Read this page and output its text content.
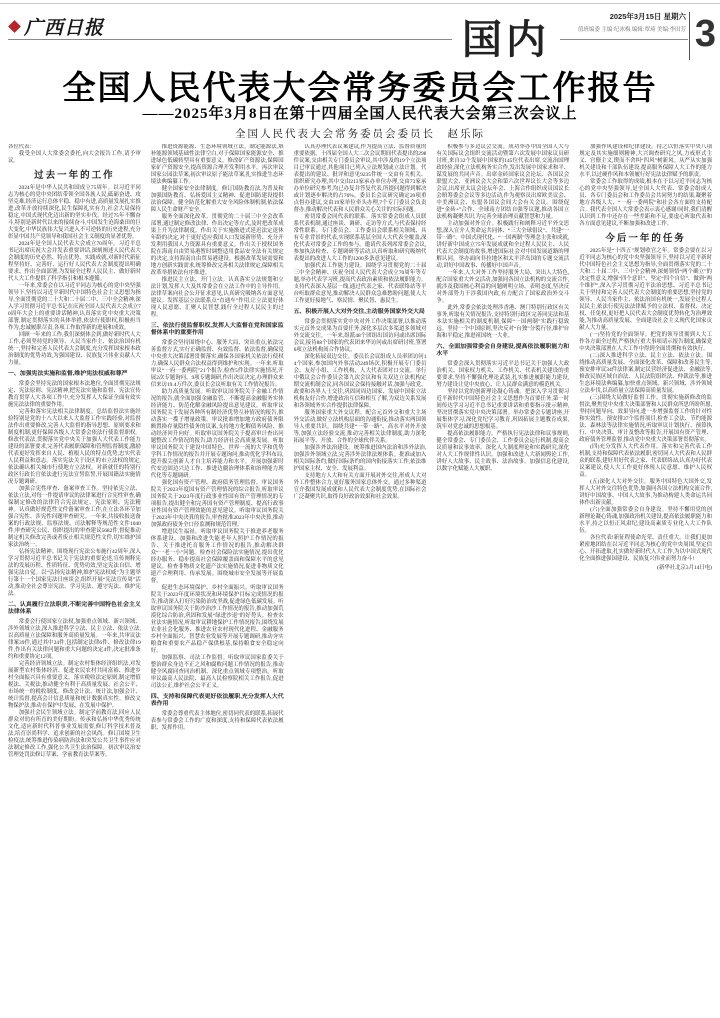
广西日报	国内
2025年3月15日 星期六
值班编委 主编:纪冰梅 编辑:覃琦 美编:李田芳 3
全国人民代表大会常务委员会工作报告
——2025年3月8日在第十四届全国人民代表大会第三次会议上
全国人民代表大会常务委员会委员长　赵乐际
各位代表:
我受全国人大常委会委托,向大会报告工作,请予审议。
过去一年的工作
2024年是中华人民共和国成立75周年。以习近平同志为核心的党中央团结带领全国各族人民,砥砺奋进、攻坚克难,经济运行总体平稳、稳中有进,高质量发展扎实推进,改革开放持续深化,民生保障扎实有力,社会大局保持稳定,中国式现代化迈出新的坚实步伐。经过75年不懈奋斗,特别是新时代以来的接续奋斗,中国发生沧海桑田的巨大变化,中华民族伟大复兴进入不可逆转的历史进程,充分彰显中国共产党领导和我国社会主义制度的显著优势。
2024年是全国人民代表大会成立70周年。习近平总书记出席庆祝大会并发表重要讲话,深刻阐述人民代表大会制度的历史必然、特点优势、实践成就,对新时代新征程坚持好、完善好、运行好人民代表大会制度提出明确要求、作出全面部署,为发展全过程人民民主、做好新时代人大工作提供了科学指引和根本遵循。
一年来,常委会在以习近平同志为核心的党中央坚强领导下,坚持以习近平新时代中国特色社会主义思想为指导,全面贯彻党的二十大和二十届二中、三中全会精神,深入学习贯彻习近平总书记在庆祝全国人民代表大会成立70周年大会上的重要讲话精神,认真落实党中央重大决策部署,制定贯彻落实的具体举措,依法行使职权,积极担当作为,忠诚履职尽责,各项工作取得新的进展和成效。
回顾一年来的工作,我们深刻体会到,做好新时代人大工作,必须坚持党的领导、人民当家作主、依法治国有机统一,坚持和完善人民代表大会制度,充分发挥国家根本政治制度的优势功效,为强国建设、民族复兴伟业贡献人大力量。
一、加强宪法实施和监督,维护宪法权威和尊严
常委会坚持宪法的国家根本法地位,全面贯彻宪法规定、宪法原则、宪法精神,把宪法实施和监督、宪法宣传教育贯穿人大各项工作中,充分发挥人大保证全面有效实施宪法法律的重要作用。
完善和落实宪法相关法律制度。总结监督法实施经验特别是党的十八大以来人大监督工作实践经验,对监督法作出重要修改,完善人大监督的指导思想、原则要求和制度机制,更好保障各级人大常委会依法行使监督职权。修改代表法,贯彻落实党中央关于加强人大代表工作能力建设的部署要求,完善代表履职保障和管理监督制度,激励代表更好发挥来自人民、植根人民的特点优势,忠实代表人民利益和意志。落实宪法关于设区的市立法权的规定,依法确认相关城市行使地方立法权。对新就任的特别行政区行政长官依法进行宪法宣誓监誓,开展国籍法实施情况专题调研。
加强合宪性审查、备案审查工作。坚持依宪立法、依法立法,对每一件提请审议的法律案进行合宪性审查,确保制定修改的法律符合宪法规定、宪法原则、宪法精神。认真做好规范性文件备案审查工作,在立法各环节加强合宪性、涉宪性问题审查研究。一年来,共接收报送备案的行政法规、监察法规、司法解释等规范性文件1040件,审查研究公民、组织提出的审查建议5682件,督促推动制定机关修改完善或者废止相关规范性文件,切实维护国家法治统一。
弘扬宪法精神。围绕现行宪法公布施行42周年,深入学习贯彻习近平总书记关于宪法的重要论述,宣传阐释宪法的发展历程、性质特征、优势功效,坚定宪法自信、增强宪法自觉。以“弘扬宪法精神,维护宪法权威”为主题举行第十一个国家宪法日座谈会,组织开展“宪法宣传周”活动,推动全社会尊崇宪法、学习宪法、遵守宪法、维护宪法。
二、认真履行立法职责,不断完善中国特色社会主义法律体系
常委会行使国家立法权,加强重点领域、新兴领域、涉外领域立法,深入推进科学立法、民主立法、依法立法,以高质量立法保障和服务高质量发展。一年来,共审议法律案39件,通过其中24件,包括制定法律6件、修改法律19件,作出有关法律问题和重大问题的决定4件,决定批准条约和重要协定12项。
完善经济领域立法。制定农村集体经济组织法,对发展新型农村集体经济、促进农民农村共同富裕、推进乡村全面振兴具有重要意义。落实税收法定原则,制定增值税法、关税法,推动健全有利于高质量发展、社会公平、市场统一的税收制度。修改会计法、统计法,加强会计、统计监督,提高会计信息质量和统计数据真实性。修改文物保护法,推动在保护中发展、在发展中保护。
加强社会民生领域立法。制定学前教育法,回应人民群众对幼有所育的美好期盼。传承和弘扬中华优秀传统文化,适应新时代科普事业发展需要,修订科学技术普及法,培育崇尚科学、追求创新的社会风尚。修订国境卫生检疫法,统筹推进传染病防治法和突发公共卫生事件应对法制定修改工作,强化公共卫生法治保障。初次审议治安管理处罚法修订草案、学前教育法草案等。
推进资源能源、生态环境领域立法。制定能源法,填补能源领域基础性法律空白,对于保障国家能源安全、推进绿色低碳转型具有重要意义。修改矿产资源法,保障国家矿产资源安全,提高资源合理开发利用水平。再次审议国家公园法草案,初次审议原子能法草案,扎实推进生态环境法典编纂工作。
健全国家安全法律制度。修订国防教育法,为普及和加强国防教育、弘扬爱国主义精神、促进国防建设提供法治保障。健全防范化解重大安全风险体制机制,依法保障人民生命财产安全。
服务全面深化改革。贯彻党的二十届三中全会改革部署,通过制定修改法律、作出决定等方式,及时把改革成果上升为法律制度。作出关于实施渐进式延迟法定退休年龄的决定,对于更好适应我国人口发展新形势、充分开发利用我国人力资源具有重要意义。作出关于授权国务院在海南自由贸易港暂时调整适用食品安全法有关规定的决定,支持海南自由贸易港建设。根据改革发展需要和地方创新实践需求,统筹修改完善相关法律规定,保障相关改革举措依法有序推进。
推进民主立法、开门立法。认真落实立法规划和立法计划,发挥人大及其常委会在立法工作中的主导作用。法律草案向社会公开征求意见,认真研究吸纳各方面意见建议。发挥基层立法联系点“直通车”作用,让立法更好体现人民意愿、汇聚人民智慧,践行全过程人民民主的过程。
三、依法行使监督职权,发挥人大监督在党和国家监督体系中的重要作用
常委会坚持围绕中心、服务大局、突出重点,依法完善监督方式,实行正确监督、有效监督、依法监督,确保党中央重大决策部署贯彻落实,确保各国家机关依法行使权力,确保人民群众合法权益得到维护和实现。一年来,听取审议“一府一委两院”21个报告,检查5件法律实施情况,开展2次专题询问、9项专题调研,作出决议决定,办理群众来信来访19.4万件次,委员长会议听取有关工作情况报告。
助力高质量发展。听取审议国务院关于金融工作情况的报告,就全面加强金融监管、不断提高金融服务实体经济能力、防范化解金融风险提出意见建议。听取审议国务院关于发展各种所有制经济优势互补情况的报告,推动落实一揽子增量政策。审议批准增加地方政府债务限额置换存量隐性债务的议案,支持地方化解债务风险、推动经济回升向好。听取审议国务院关于提高审计查出问题整改工作情况的报告,助力经济社会高质量发展。听取审议国务院关于建设中国特色、世界一流的大学和优势学科工作情况的报告并开展专题询问,推动优化学科布局,提升拔尖创新人才自主培养能力和水平。开展加强新时代安边固边兴边工作、推进边疆治理体系和治理能力现代化等专题调研。
强化国有资产管理、政府债务管理监督。审议国务院关于2023年度国有资产管理情况的综合报告,听取审议国务院关于2023年度行政事业性国有资产管理情况的专项报告,提出健全和完善国有资产管理制度、提高行政事业性国有资产管理效能的意见建议。听取审议国务院关于2023年中央决算的报告,审查批准2023年中央决算,推动加强政府债务全口径监测和规范管理。
增进民生福祉。听取审议国务院关于推进养老服务体系建设、加强和改进失能老年人照护工作情况的报告、关于推进托育服务工作情况的报告,推动解决群众“一老一小”问题。检查社会保险法实施情况,提出优化经办服务、稳步提高社会保障覆盖面和保障水平的意见建议。检查非物质文化遗产法实施情况,促进非物质文化遗产合理利用、传承发展。围绕城市安全发展等开展监督。
促进生态环境保护、乡村全面振兴。听取审议国务院关于2023年度环境状况和环境保护目标完成情况的报告,推动深入打好污染防治攻坚战,促进绿色低碳发展。听取审议国务院关于防沙治沙工作情况的报告,推动加强荒漠化综合防治,巩固和发展“绿进沙退”的好势头。检查农业法实施情况,听取审议耕地保护工作情况报告,围绕发展农业社会化服务、推进农业农村现代化进程、金融服务乡村全面振兴、智慧农业发展等开展专题调研,推动夯实粮食和重要农产品稳产保供根基,保持粮食安全稳定向好。
加强监察、司法工作监督。听取审议国家监委关于整治群众身边不正之风和腐败问题工作情况的报告,推动健全风腐同查同治机制、深化重点领域专项整治。听取审议最高人民法院、最高人民检察院相关工作报告,促进司法公正,维护社会公平正义。
四、支持和保障代表更好依法履职,充分发挥人大代表作用
常委会尊重代表主体地位,密切同代表的联系,拓展代表参与常委会工作的广度和深度,支持和保障代表依法履职、发挥作用。
认真办理代表议案建议,作为提高立法、监督质量的重要依据。十四届全国人大二次会议期间代表提出的298件议案,交由相关专门委员会审议,其中涉及的19个立法项目已审议通过,其他项目已列入立法规划或立法计划。代表提出的建议、批评和意见9235件统一交由有关机关、组织研究办理,其中交由213家承办单位办理,交由73家承办单位研究参考,均已办复并答复代表,所提问题得到解决或计划逐步解决的占76%。委员长会议研究确定20项重点督办建议,交由19家单位牵头办理,7个专门委员会负责督办,推动解决代表和人民群众关心关注的实际问题。
密切常委会同代表的联系。落实常委会组成人员联系代表机制,通过座谈、调研、走访等方式,与代表保持经常性联系。专门委员会、工作委员会联系相关领域、具有专业背景的代表,实现联系基层全国人大代表全覆盖,深化代表对常委会工作的参与。邀请代表列席常委会会议,参加执法检查、专题调研等活动,认真听取和研究吸纳代表提出的改进人大工作的1200多条意见建议。
加强代表工作能力建设。围绕学习贯彻党的二十届三中全会精神、庆祝全国人民代表大会成立70周年等专题,举办代表学习班,提高代表政治素质和依法履职能力。支持代表深入基层一线,通过代表之家、代表联络站等平台听取群众意见,推动解决人民群众急难愁盼问题,使人大工作更好接地气、察民情、聚民智、惠民生。
五、积极开展人大对外交往,主动服务国家外交大局
常委会贯彻落实党中央对外工作决策部署,以推动落实元首外交成果为首要任务,深化多层次多渠道多领域对外交流交往。一年来,组派48个团组出国访问或出席国际会议,接待88个国家的代表团来华访问或出席研讨班,签署6项立法机构间合作协议。
深化拓展双边交往。委员长会议组成人员率团访问14个国家,参加国内外事活动249场次,积极开展专门委员会、友好小组、工作机构、人大代表团对口交流。举行中俄议会合作委员会第九次会议和有关双边立法机构定期交流机制会议,同各国议会保持接触对话,加强与政党、政要和各界人士交往,巩固同周边国家、发展中国家立法机构友好合作,增进政治互信和相互了解,为双边关系发展和各领域务实合作提供法律保障。
服务国家重大外交议程。配合元首外交和重大主场外交活动,做好立法机构层面的沟通衔接,推动落实两国领导人重要共识。围绕共建“一带一路”、高水平对外开放等,加强立法经验交流,推动完善相关法律制度,助力深化拓展平等、开放、合作的全球伙伴关系。
加强涉外法治建设。统筹推进国内法治和涉外法治,加强涉外领域立法,完善涉外法律法规体系。批准或加入相关国际条约,做好国际条约的国内衔接落实工作,依法维护国家主权、安全、发展利益。
支持地方人大和有关方面开展对外交往,形成人大对外工作整体合力,更好服务国家总体外交。通过多种渠道宣介我国发展成就和人民代表大会制度优势,在国际社会广泛凝聚共识,取得良好政治效果和社会效果。
积极参与多边议会交流。成功举办中国全国人大与有关国际议会组织交流活动暨第六次发展中国家议员研讨班,来自32个发展中国家的145位代表出席,交流治国理政经验,深化立法机构务实合作,发出发展中国家求和平、谋发展的共同声音。出席金砖国家议会论坛、各国议会联盟大会、亚洲议会大会和第六次世界议长大会等多边会议,出席亚太议会论坛年会、上海合作组织成员国议长会晤筹委会会议等多边活动,作为观察员出席欧美议会、中美洲议会、东盟各国议会间大会有关会议。围绕促进“金砖+”合作、全球南方团结自强等议题,推动各国立法机构凝聚共识,为完善全球治理贡献智慧和力量。
主动加强对外宣介。积极践行和阐释习近平外交思想,深入宣介人类命运共同体、“三大全球倡议”、共建“一带一路”、中国式现代化、“一国两制”等理念主张和成就,讲好新中国成立75年发展成就和全过程人民民主、人民代表大会制度的故事,增进国际社会对中国发展道路的理解认同。举办面向非拉地区和太平洋岛国的专题交流活动,讲好中国故事、传播好中国声音。
一年来,人大对外工作坚持服务大局、突出人大特色,配合国家重大外交活动,加强同各国立法机构的交流合作,就涉及我国核心利益的问题阐明立场、表明态度,坚决反对外部势力干涉我国内政,有力配合了国家政治外交斗争。
此外,常委会依法处理涉香港、澳门特别行政区有关事务,听取有关情况报告,支持特别行政区完善同宪法和基本法实施相关的制度机制,保障“一国两制”实践行稳致远。坚持一个中国原则,坚决反对“台独”分裂行径,维护台海和平稳定,推进祖国统一大业。
六、全面加强常委会自身建设,提高依法履职能力和水平
常委会深入贯彻落实习近平总书记关于加强人大政治机关、国家权力机关、工作机关、代表机关建设的重要要求,坚持不懈强化理论武装,扎实推进履职能力建设,努力建设让党中央放心、让人民群众满意的模范机关。
坚持以党的创新理论凝心铸魂。把深入学习贯彻习近平新时代中国特色社会主义思想作为首要任务,第一时间传达学习习近平总书记重要讲话和重要指示批示精神,坚决贯彻落实党中央决策部署。举办常委会专题讲座,开展集体学习,深化党纪学习教育,巩固拓展主题教育成果,筑牢对党忠诚的思想根基。
提高依法履职能力。严格执行宪法法律和议事规则,健全常委会、专门委员会、工作委员会运行机制,提高会议质量和议事效率。深化人大制度理论和实践研究,深化对人大工作规律性认识。加强和改进人大新闻舆论工作,讲好人大故事、民主故事、法治故事。加强信息化建设,以数字化赋能人大履职。
加强作风建设和纪律建设。持之以恒落实中央八项规定及其实施细则精神,大兴调查研究之风,力戒形式主义、官僚主义,锲而不舍纠“四风”树新风。从严从实加强机关建设和干部队伍建设,提高服务保障人大工作的能力水平,以过硬作风和本领履行好宪法法律赋予的职责。
常委会工作取得的成绩,根本在于以习近平同志为核心的党中央坚强领导,是全国人大代表、常委会组成人员、各专门委员会和工作委员会共同努力的结果,凝聚着地方各级人大、“一府一委两院”和社会各方面的支持配合。我代表全国人大常委会表示衷心感谢!同时,我们清醒认识到工作中还存在一些差距和不足,要虚心听取代表和各方面意见建议,不断加强和改进工作。
今后一年的任务
2025年是“十四五”规划收官之年。常委会要在以习近平同志为核心的党中央坚强领导下,坚持以习近平新时代中国特色社会主义思想为指导,全面贯彻落实党的二十大和二十届二中、三中全会精神,深刻领悟“两个确立”的决定性意义,增强“四个意识”、坚定“四个自信”、做到“两个维护”,深入学习贯彻习近平法治思想、习近平总书记关于坚持和完善人民代表大会制度的重要思想,坚持党的领导、人民当家作主、依法治国有机统一,发展全过程人民民主,依法行使宪法法律赋予的立法权、监督权、决定权、任免权,更好把人民代表大会制度优势转化为治理效能,为推动高质量发展、全面建设社会主义现代化国家贡献人大力量。
(一)坚持党的全面领导。把党的领导贯彻到人大工作各方面全过程,严格执行重大事项请示报告制度,确保党中央决策部署在人大工作中得到全面贯彻和有效执行。
(二)深入推进科学立法、民主立法、依法立法。围绕推动高质量发展、全面深化改革、保障和改善民生等,预安排审议34件法律案,制定民营经济促进法、金融法等,修改民族区域自治法、人民法院组织法、仲裁法等,推进生态环境法典编纂,加快重点领域、新兴领域、涉外领域立法步伐,以高质量立法保障高质量发展。
(三)围绕大局做好监督工作。贯彻实施新修改的监督法,聚焦党中央重大决策部署和人民群众所思所盼所愿,坚持问题导向、效果导向,进一步增强监督工作的针对性和实效性。预安排37个监督项目,检查工会法、节约能源法、森林法等法律实施情况,听取审议计划执行、预算执行、中央决算、审计及整改等报告,开展国有资产管理、政府债务管理监督,推动党中央重大决策部署贯彻落实。
(四)充分发挥人大代表作用。落实和完善代表工作机制,支持和保障代表依法履职,密切同人大代表和人民群众的联系,建好用好代表之家、代表联络站,认真办好代表议案建议,使人大工作更好体现人民意愿、维护人民权益。
(五)深化人大对外交往。服务中国特色大国外交,发挥人大对外交往特色优势,加强同各国立法机构交流合作,讲好中国故事、中国人大故事,为推动构建人类命运共同体作出新贡献。
(六)全面加强常委会自身建设。坚持不懈用党的创新理论凝心铸魂,加强政治机关建设,提高依法履职能力和水平,持之以恒正风肃纪,建设高素质专业化人大工作队伍。
各位代表!新征程使命光荣、责任重大。让我们更加紧密地团结在以习近平同志为核心的党中央周围,坚定信心、开拓进取,扎实做好新时代人大工作,为以中国式现代化全面推进强国建设、民族复兴伟业而努力奋斗!
(新华社北京3月14日电)
